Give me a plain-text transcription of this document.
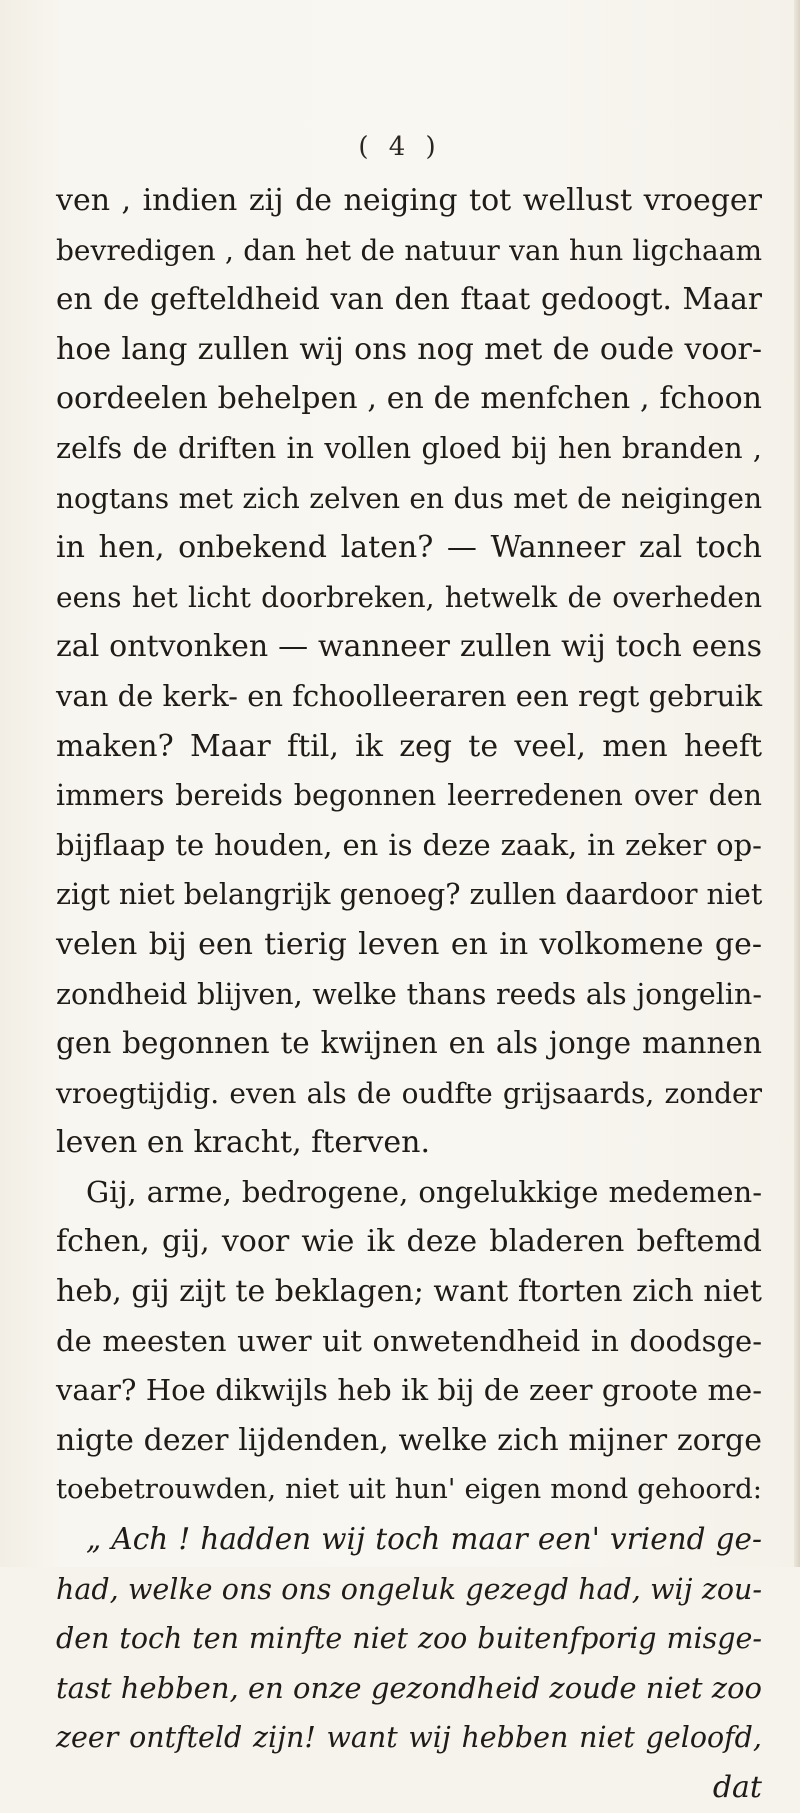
( 4 )
ven , indien zij de neiging tot wellust vroeger
bevredigen , dan het de natuur van hun ligchaam
en de gefteldheid van den ftaat gedoogt. Maar
hoe lang zullen wij ons nog met de oude voor-
oordeelen behelpen , en de menfchen , fchoon
zelfs de driften in vollen gloed bij hen branden ,
nogtans met zich zelven en dus met de neigingen
in hen, onbekend laten? — Wanneer zal toch
eens het licht doorbreken, hetwelk de overheden
zal ontvonken — wanneer zullen wij toch eens
van de kerk- en fchoolleeraren een regt gebruik
maken? Maar ftil, ik zeg te veel, men heeft
immers bereids begonnen leerredenen over den
bijflaap te houden, en is deze zaak, in zeker op-
zigt niet belangrijk genoeg? zullen daardoor niet
velen bij een tierig leven en in volkomene ge-
zondheid blijven, welke thans reeds als jongelin-
gen begonnen te kwijnen en als jonge mannen
vroegtijdig. even als de oudfte grijsaards, zonder
leven en kracht, fterven.
Gij, arme, bedrogene, ongelukkige medemen-
fchen, gij, voor wie ik deze bladeren beftemd
heb, gij zijt te beklagen; want ftorten zich niet
de meesten uwer uit onwetendheid in doodsge-
vaar? Hoe dikwijls heb ik bij de zeer groote me-
nigte dezer lijdenden, welke zich mijner zorge
toebetrouwden, niet uit hun' eigen mond gehoord:
„ Ach ! hadden wij toch maar een' vriend ge-
had, welke ons ons ongeluk gezegd had, wij zou-
den toch ten minfte niet zoo buitenfporig misge-
tast hebben, en onze gezondheid zoude niet zoo
zeer ontfteld zijn! want wij hebben niet geloofd,
dat
